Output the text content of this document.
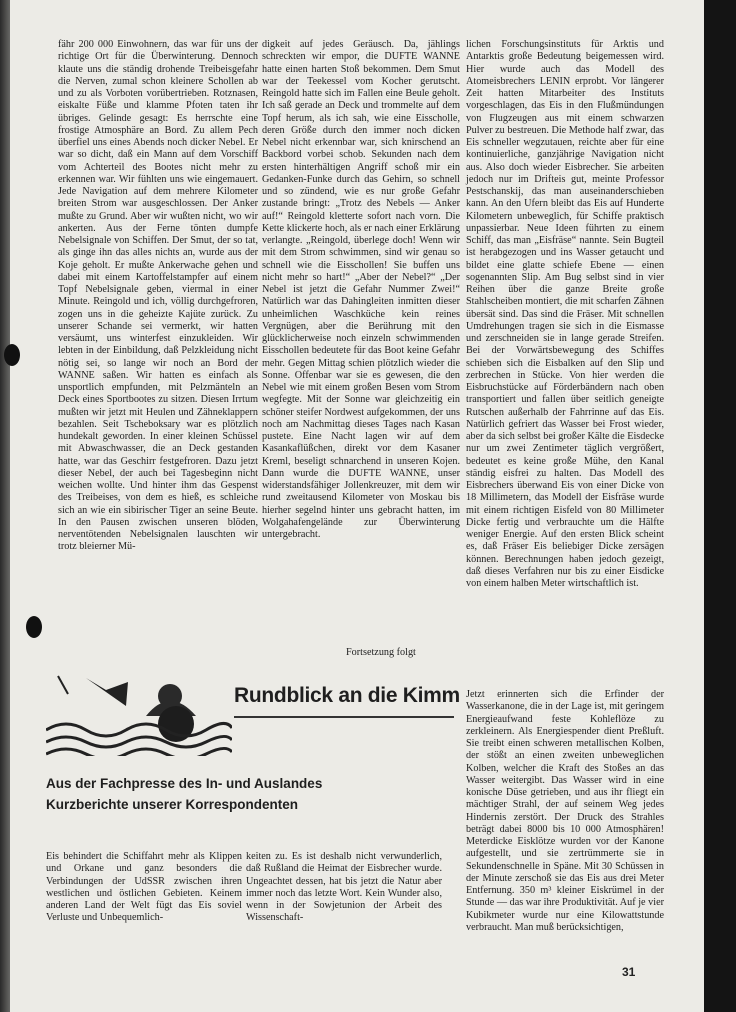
fähr 200 000 Einwohnern, das war für uns der richtige Ort für die Überwinterung. Dennoch klaute uns die ständig drohende Treibeisgefahr die Nerven, zumal schon kleinere Schollen ab und zu als Vorboten vorübertrieben. Rotznasen, eiskalte Füße und klamme Pfoten taten ihr übriges. Gelinde gesagt: Es herrschte eine frostige Atmosphäre an Bord. Zu allem Pech überfiel uns eines Abends noch dicker Nebel. Er war so dicht, daß ein Mann auf dem Vorschiff vom Achterteil des Bootes nicht mehr zu erkennen war. Wir fühlten uns wie eingemauert. Jede Navigation auf dem mehrere Kilometer breiten Strom war ausgeschlossen. Der Anker mußte zu Grund. Aber wir wußten nicht, wo wir ankerten. Aus der Ferne tönten dumpfe Nebelsignale von Schiffen. Der Smut, der so tat, als ginge ihn das alles nichts an, wurde aus der Koje geholt. Er mußte Ankerwache gehen und dabei mit einem Kartoffelstampfer auf einem Topf Nebelsignale geben, viermal in einer Minute. Reingold und ich, völlig durchgefroren, zogen uns in die geheizte Kajüte zurück. Zu unserer Schande sei vermerkt, wir hatten versäumt, uns winterfest einzukleiden. Wir lebten in der Einbildung, daß Pelzkleidung nicht nötig sei, so lange wir noch an Bord der WANNE saßen. Wir hatten es einfach als unsportlich empfunden, mit Pelzmänteln an Deck eines Sportbootes zu sitzen. Diesen Irrtum mußten wir jetzt mit Heulen und Zähneklappern bezahlen. Seit Tscheboksary war es plötzlich hundekalt geworden. In einer kleinen Schüssel mit Abwaschwasser, die an Deck gestanden hatte, war das Geschirr festgefroren. Dazu jetzt dieser Nebel, der auch bei Tagesbeginn nicht weichen wollte. Und hinter ihm das Gespenst des Treibeises, von dem es hieß, es schleiche sich an wie ein sibirischer Tiger an seine Beute. In den Pausen zwischen unseren blöden, nerventötenden Nebelsignalen lauschten wir trotz bleierner Mü-

digkeit auf jedes Geräusch. Da, jählings schreckten wir empor, die DUFTE WANNE hatte einen harten Stoß bekommen. Dem Smut war der Teekessel vom Kocher gerutscht. Reingold hatte sich im Fallen eine Beule geholt. Ich saß gerade an Deck und trommelte auf dem Topf herum, als ich sah, wie eine Eisscholle, deren Größe durch den immer noch dicken Nebel nicht erkennbar war, sich knirschend an Backbord vorbei schob. Sekunden nach dem ersten hinterhältigen Angriff schoß mir ein Gedanken-Funke durch das Gehirn, so schnell und so zündend, wie es nur große Gefahr zustande bringt: „Trotz des Nebels — Anker auf!“ Reingold kletterte sofort nach vorn. Die Kette klickerte hoch, als er nach einer Erklärung verlangte. „Reingold, überlege doch! Wenn wir mit dem Strom schwimmen, sind wir genau so schnell wie die Eisschollen! Sie buffen uns nicht mehr so hart!“ „Aber der Nebel?“ „Der Nebel ist jetzt die Gefahr Nummer Zwei!“ Natürlich war das Dahingleiten inmitten dieser unheimlichen Waschküche kein reines Vergnügen, aber die Berührung mit den glücklicherweise noch einzeln schwimmenden Eisschollen bedeutete für das Boot keine Gefahr mehr. Gegen Mittag schien plötzlich wieder die Sonne. Offenbar war sie es gewesen, die den Nebel wie mit einem großen Besen vom Strom wegfegte. Mit der Sonne war gleichzeitig ein schöner steifer Nordwest aufgekommen, der uns noch am Nachmittag dieses Tages nach Kasan pustete. Eine Nacht lagen wir auf dem Kasankaflüßchen, direkt vor dem Kasaner Kreml, beseligt schnarchend in unseren Kojen. Dann wurde die DUFTE WANNE, unser widerstandsfähiger Jollenkreuzer, mit dem wir rund zweitausend Kilometer von Moskau bis hierher segelnd hinter uns gebracht hatten, im Wolgahafengelände zur Überwinterung untergebracht.

Fortsetzung folgt

lichen Forschungsinstituts für Arktis und Antarktis große Bedeutung beigemessen wird. Hier wurde auch das Modell des Atomeisbrechers LENIN erprobt. Vor längerer Zeit hatten Mitarbeiter des Instituts vorgeschlagen, das Eis in den Flußmündungen von Flugzeugen aus mit einem schwarzen Pulver zu bestreuen. Die Methode half zwar, das Eis schneller wegzutauen, reichte aber für eine kontinuierliche, ganzjährige Navigation nicht aus. Also doch wieder Eisbrecher. Sie arbeiten jedoch nur im Drifteis gut, meinte Professor Pestschanskij, das man auseinanderschieben kann. An den Ufern bleibt das Eis auf Hunderte Kilometern unbeweglich, für Schiffe praktisch unpassierbar. Neue Ideen führten zu einem Schiff, das man „Eisfräse“ nannte. Sein Bugteil ist herabgezogen und ins Wasser getaucht und bildet eine glatte schiefe Ebene — einen sogenannten Slip. Am Bug selbst sind in vier Reihen über die ganze Breite große Stahlscheiben montiert, die mit scharfen Zähnen übersät sind. Das sind die Fräser. Mit schnellen Umdrehungen tragen sie sich in die Eismasse und zerschneiden sie in lange gerade Streifen. Bei der Vorwärtsbewegung des Schiffes schieben sich die Eisbalken auf den Slip und zerbrechen in Stücke. Von hier werden die Eisbruchstücke auf Förderbändern nach oben transportiert und fallen über seitlich geneigte Rutschen außerhalb der Fahrrinne auf das Eis. Natürlich gefriert das Wasser bei Frost wieder, aber da sich selbst bei großer Kälte die Eisdecke nur um zwei Zentimeter täglich vergrößert, bedeutet es keine große Mühe, den Kanal ständig eisfrei zu halten. Das Modell des Eisbrechers überwand Eis von einer Dicke von 18 Millimetern, das Modell der Eisfräse wurde mit einem richtigen Eisfeld von 80 Millimeter Dicke fertig und verbrauchte um die Hälfte weniger Energie. Auf den ersten Blick scheint es, daß Fräser Eis beliebiger Dicke zersägen können. Berechnungen haben jedoch gezeigt, daß dieses Verfahren nur bis zu einer Eisdicke von einem halben Meter wirtschaftlich ist.

Jetzt erinnerten sich die Erfinder der Wasserkanone, die in der Lage ist, mit geringem Energieaufwand feste Kohleflöze zu zerkleinern. Als Energiespender dient Preßluft. Sie treibt einen schweren metallischen Kolben, der stößt an einen zweiten unbeweglichen Kolben, welcher die Kraft des Stoßes an das Wasser weitergibt. Das Wasser wird in eine konische Düse getrieben, und aus ihr fliegt ein mächtiger Strahl, der auf seinem Weg jedes Hindernis zerstört. Der Druck des Strahles beträgt dabei 8000 bis 10 000 Atmosphären! Meterdicke Eisklötze wurden vor der Kanone aufgestellt, und sie zertrümmerte sie in Sekundenschnelle in Späne. Mit 30 Schüssen in der Minute zerschoß sie das Eis aus drei Meter Entfernung. 350 m³ kleiner Eiskrümel in der Stunde — das war ihre Produktivität. Auf je vier Kubikmeter wurde nur eine Kilowattstunde verbraucht. Man muß berücksichtigen,

Rundblick an die Kimm
Aus der Fachpresse des In- und Auslandes
Kurzberichte unserer Korrespondenten

Eis behindert die Schiffahrt mehr als Klippen und Orkane und ganz besonders die Verbindungen der UdSSR zwischen ihren westlichen und östlichen Gebieten. Keinem anderen Land der Welt fügt das Eis soviel Verluste und Unbequemlich-

keiten zu. Es ist deshalb nicht verwunderlich, daß Rußland die Heimat der Eisbrecher wurde. Ungeachtet dessen, hat bis jetzt die Natur aber immer noch das letzte Wort. Kein Wunder also, wenn in der Sowjetunion der Arbeit des Wissenschaft-

31
